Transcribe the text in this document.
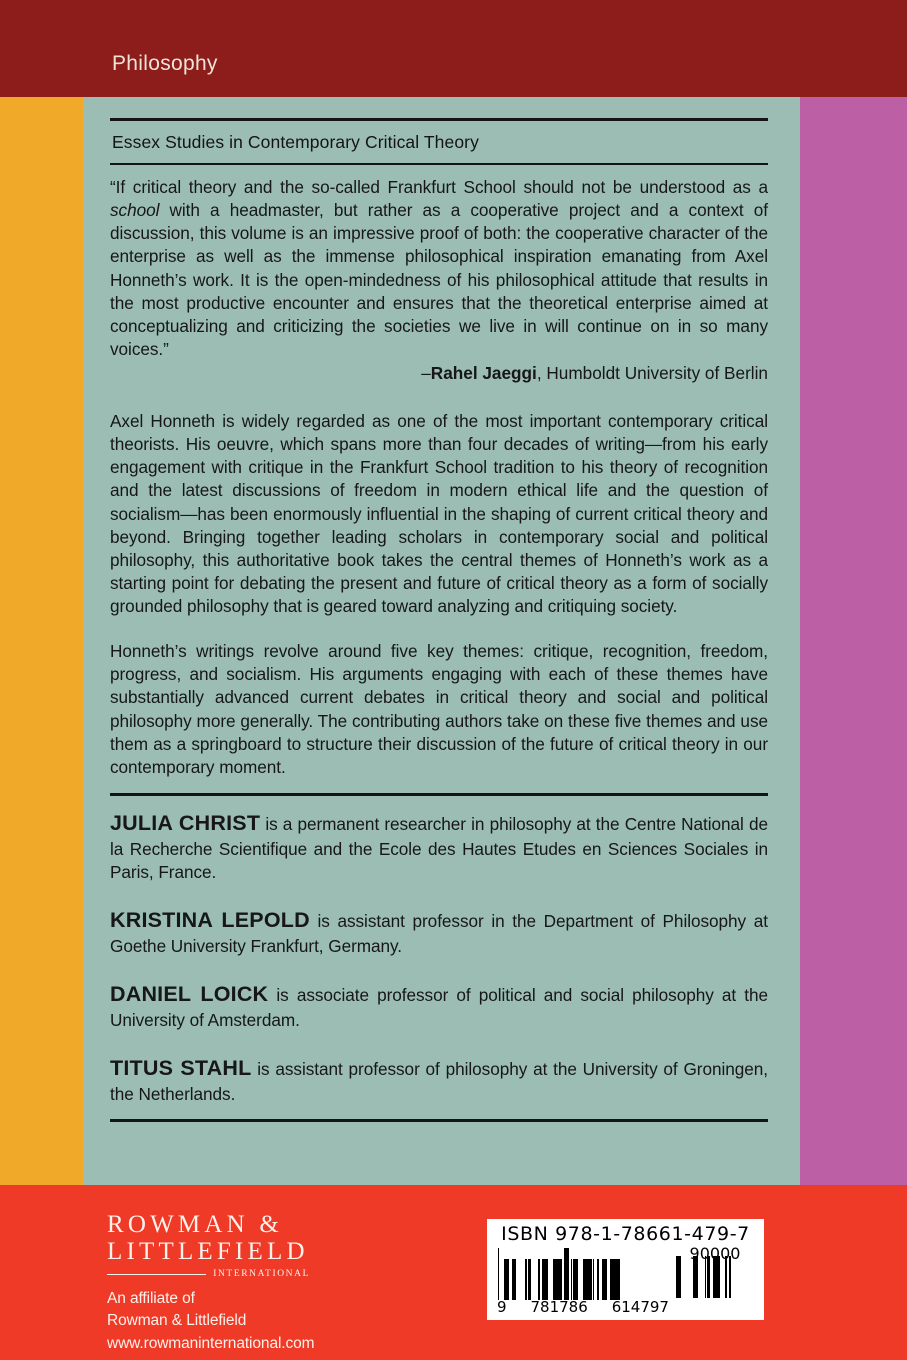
Philosophy
Essex Studies in Contemporary Critical Theory

“If critical theory and the so-called Frankfurt School should not be understood as a school with a headmaster, but rather as a cooperative project and a context of discussion, this volume is an impressive proof of both: the cooperative character of the enterprise as well as the immense philosophical inspiration emanating from Axel Honneth’s work. It is the open-mindedness of his philosophical attitude that results in the most productive encounter and ensures that the theoretical enterprise aimed at conceptualizing and criticizing the societies we live in will continue on in so many voices.”

–Rahel Jaeggi, Humboldt University of Berlin

Axel Honneth is widely regarded as one of the most important contemporary critical theorists. His oeuvre, which spans more than four decades of writing—from his early engagement with critique in the Frankfurt School tradition to his theory of recognition and the latest discussions of freedom in modern ethical life and the question of socialism—has been enormously influential in the shaping of current critical theory and beyond. Bringing together leading scholars in contemporary social and political philosophy, this authoritative book takes the central themes of Honneth’s work as a starting point for debating the present and future of critical theory as a form of socially grounded philosophy that is geared toward analyzing and critiquing society.

Honneth’s writings revolve around five key themes: critique, recognition, freedom, progress, and socialism. His arguments engaging with each of these themes have substantially advanced current debates in critical theory and social and political philosophy more generally. The contributing authors take on these five themes and use them as a springboard to structure their discussion of the future of critical theory in our contemporary moment.

JULIA CHRIST is a permanent researcher in philosophy at the Centre National de la Recherche Scientifique and the Ecole des Hautes Etudes en Sciences Sociales in Paris, France.

KRISTINA LEPOLD is assistant professor in the Department of Philosophy at Goethe University Frankfurt, Germany.

DANIEL LOICK is associate professor of political and social philosophy at the University of Amsterdam.

TITUS STAHL is assistant professor of philosophy at the University of Groningen, the Netherlands.

ROWMAN &
LITTLEFIELD
INTERNATIONAL
An affiliate of
Rowman & Littlefield
www.rowmaninternational.com
ISBN 978-1-78661-479-7
9 781786 614797
90000
